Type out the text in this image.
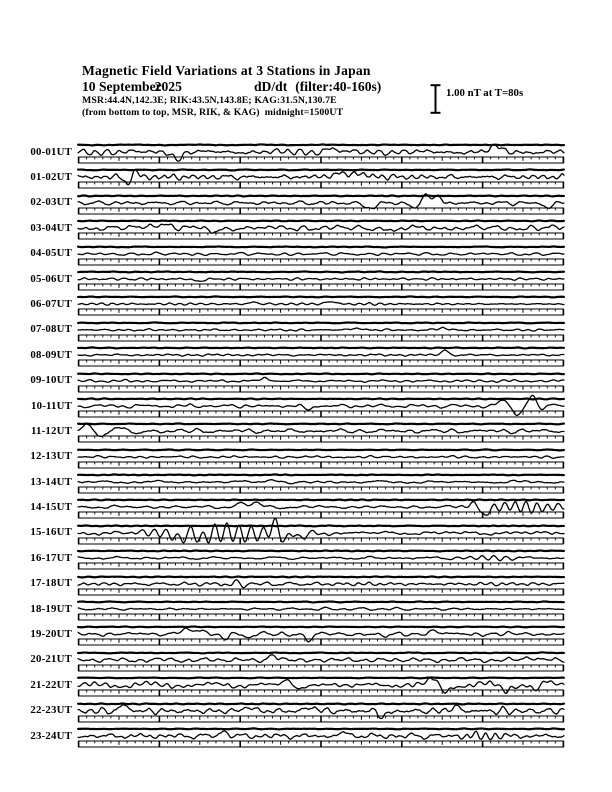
Magnetic Field Variations at 3 Stations in Japan
10 September2025	dD/dt (filter:40-160s)
MSR:44.4N,142.3E; RIK:43.5N,143.8E; KAG:31.5N,130.7E
(from bottom to top, MSR, RIK, & KAG) midnight=1500UT
1.00 nT at T=80s
00-01UT
01-02UT
02-03UT
03-04UT
04-05UT
05-06UT
06-07UT
07-08UT
08-09UT
09-10UT
10-11UT
11-12UT
12-13UT
13-14UT
14-15UT
15-16UT
16-17UT
17-18UT
18-19UT
19-20UT
20-21UT
21-22UT
22-23UT
23-24UT
